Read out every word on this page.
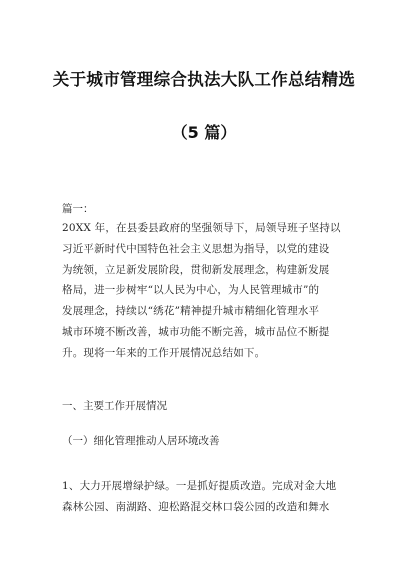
关于城市管理综合执法大队工作总结精选
（5 篇）
篇一：
20XX 年，在县委县政府的坚强领导下，局领导班子坚持以
习近平新时代中国特色社会主义思想为指导，以党的建设
为统领，立足新发展阶段，贯彻新发展理念，构建新发展
格局，进一步树牢“以人民为中心，为人民管理城市”的
发展理念，持续以“绣花”精神提升城市精细化管理水平
城市环境不断改善，城市功能不断完善，城市品位不断提
升。现将一年来的工作开展情况总结如下。
一、主要工作开展情况
（一）细化管理推动人居环境改善
1、大力开展增绿护绿。一是抓好提质改造。完成对金大地
森林公园、南湖路、迎松路混交林口袋公园的改造和舞水
